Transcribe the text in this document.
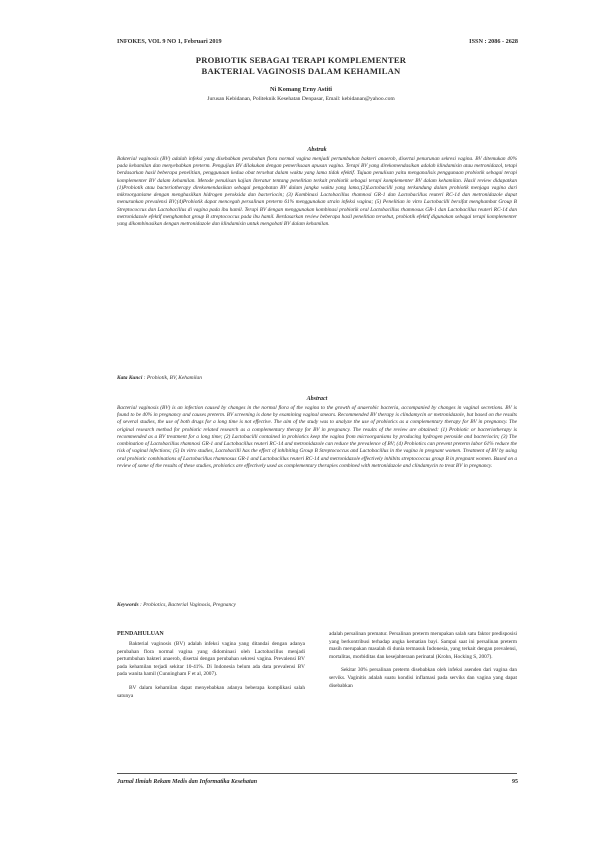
INFOKES, VOL 9 NO 1, Februari 2019	ISSN : 2086 - 2628
PROBIOTIK SEBAGAI TERAPI KOMPLEMENTER
BAKTERIAL VAGINOSIS DALAM KEHAMILAN
Ni Komang Erny Astiti
Jurusan Kebidanan, Politeknik Kesehatan Denpasar, Email: kebidanan@yahoo.com
Abstrak
Bakterial vaginosis (BV) adalah infeksi yang disebabkan perubahan flora normal vagina menjadi pertumbuhan bakteri anaerob, disertai penurunan sekresi vagina. BV ditemukan 40% pada kehamilan dan menyebabkan preterm. Pengujian BV dilakukan dengan pemeriksaan apusan vagina. Terapi BV yang direkomendasikan adalah klindamisin atau metronidazol, tetapi berdasarkan hasil beberapa penelitian, penggunaan kedua obat tersebut dalam waktu yang lama tidak efektif. Tujuan penulisan yaitu menganalisis penggunaan probiotik sebagai terapi komplementer BV dalam kehamilan. Metode penulisan kajian literatur tentang penelitian terkait probiotik sebagai terapi komplementer BV dalam kehamilan. Hasil review didapatkan (1)Probiotik atau bacteriotherapy direkomendasikan sebagai pengobatan BV dalam jangka waktu yang lama;(2)Lactobacilli yang terkandung dalam probiotik menjaga vagina dari mikroorganisme dengan menghasilkan hidrogen peroksida dan bacteriocin; (3) Kombinasi Lactobacillus rhamnosi GR-1 dan Lactobacillus reuteri RC-14 dan metronidazole dapat menurunkan prevalensi BV;(4)Probiotik dapat mencegah persalinan preterm 61% menggunakan strain infeksi vagina; (5) Penelitian in vitro Lactobacilli bersifat menghambat Group B Streptococcus dan Lactobacillus di vagina pada ibu hamil. Terapi BV dengan menggunakan kombinasi probiotik oral Lactobacillus rhamnosus GR-1 dan Lactobacillus reuteri RC-14 dan metronidazole efektif menghambat group B streptococcus pada ibu hamil. Berdasarkan review beberapa hasil penelitian tersebut, probiotik efektif digunakan sebagai terapi komplementer yang dikombinasikan dengan metronidazole dan klindamisin untuk mengobati BV dalam kehamilan.
Kata Kunci : Probiotik, BV, Kehamilan
Abstract
Bacterial vaginosis (BV) is an infection caused by changes in the normal flora of the vagina to the growth of anaerobic bacteria, accompanied by changes in vaginal secretions. BV is found to be 40% in pregnancy and causes preterm. BV screening is done by examining vaginal smears. Recommended BV therapy is clindamycin or metronidazole, but based on the results of several studies, the use of both drugs for a long time is not effective. The aim of the study was to analyze the use of probiotics as a complementary therapy for BV in pregnancy. The original research method for probiotic related research as a complementary therapy for BV in pregnancy. The results of the review are obtained: (1) Probiotic or bacteriotherapy is recommended as a BV treatment for a long time; (2) Lactobacilli contained in probiotics keep the vagina from microorganisms by producing hydrogen peroxide and bacteriocin; (3) The combination of Lactobacillus rhamnosi GR-1 and Lactobacillus reuteri RC-14 and metronidazole can reduce the prevalence of BV; (4) Probiotics can prevent preterm labor 61% reduce the risk of vaginal infections; (5) In vitro studies, Lactobacilli has the effect of inhibiting Group B Streptococcus and Lactobacillus in the vagina in pregnant women. Treatment of BV by using oral probiotic combinations of Lactobacillus rhamnosus GR-1 and Lactobacillus reuteri RC-14 and metronidazole effectively inhibits streptococcus group B in pregnant women. Based on a review of some of the results of these studies, probiotics are effectively used as complementary therapies combined with metronidazole and clindamycin to treat BV in pregnancy.
Keywords : Probiotics, Bacterial Vaginosis, Pregnancy
PENDAHULUAN

Bakterial vaginosis (BV) adalah infeksi vagina yang ditandai dengan adanya perubahan flora normal vagina yang didominasi oleh Lactobacillus menjadi pertumbuhan bakteri anaerob, disertai dengan perubahan sekresi vagina. Prevalensi BV pada kehamilan terjadi sekitar 10-41%. Di Indonesia belum ada data prevalensi BV pada wanita hamil (Cunningham F et al, 2007).

BV dalam kehamilan dapat menyebabkan adanya beberapa komplikasi salah satunya

adalah persalinan prematur. Persalinan preterm merupakan salah satu faktor predisposisi yang berkontribusi terhadap angka kematian bayi. Sampai saat ini persalinan preterm masih merupakan masalah di dunia termasuk Indonesia, yang terkait dengan prevalensi, mortalitas, morbiditas dan kesejahteraan perinatal (Krohn, Hocking S, 2007).

Sekitar 30% persalinan preterm disebabkan oleh infeksi asenden dari vagina dan serviks. Vaginitis adalah suatu kondisi inflamasi pada serviks dan vagina yang dapat disebabkan

Jurnal Ilmiah Rekam Medis dan Informatika Kesehatan	95
